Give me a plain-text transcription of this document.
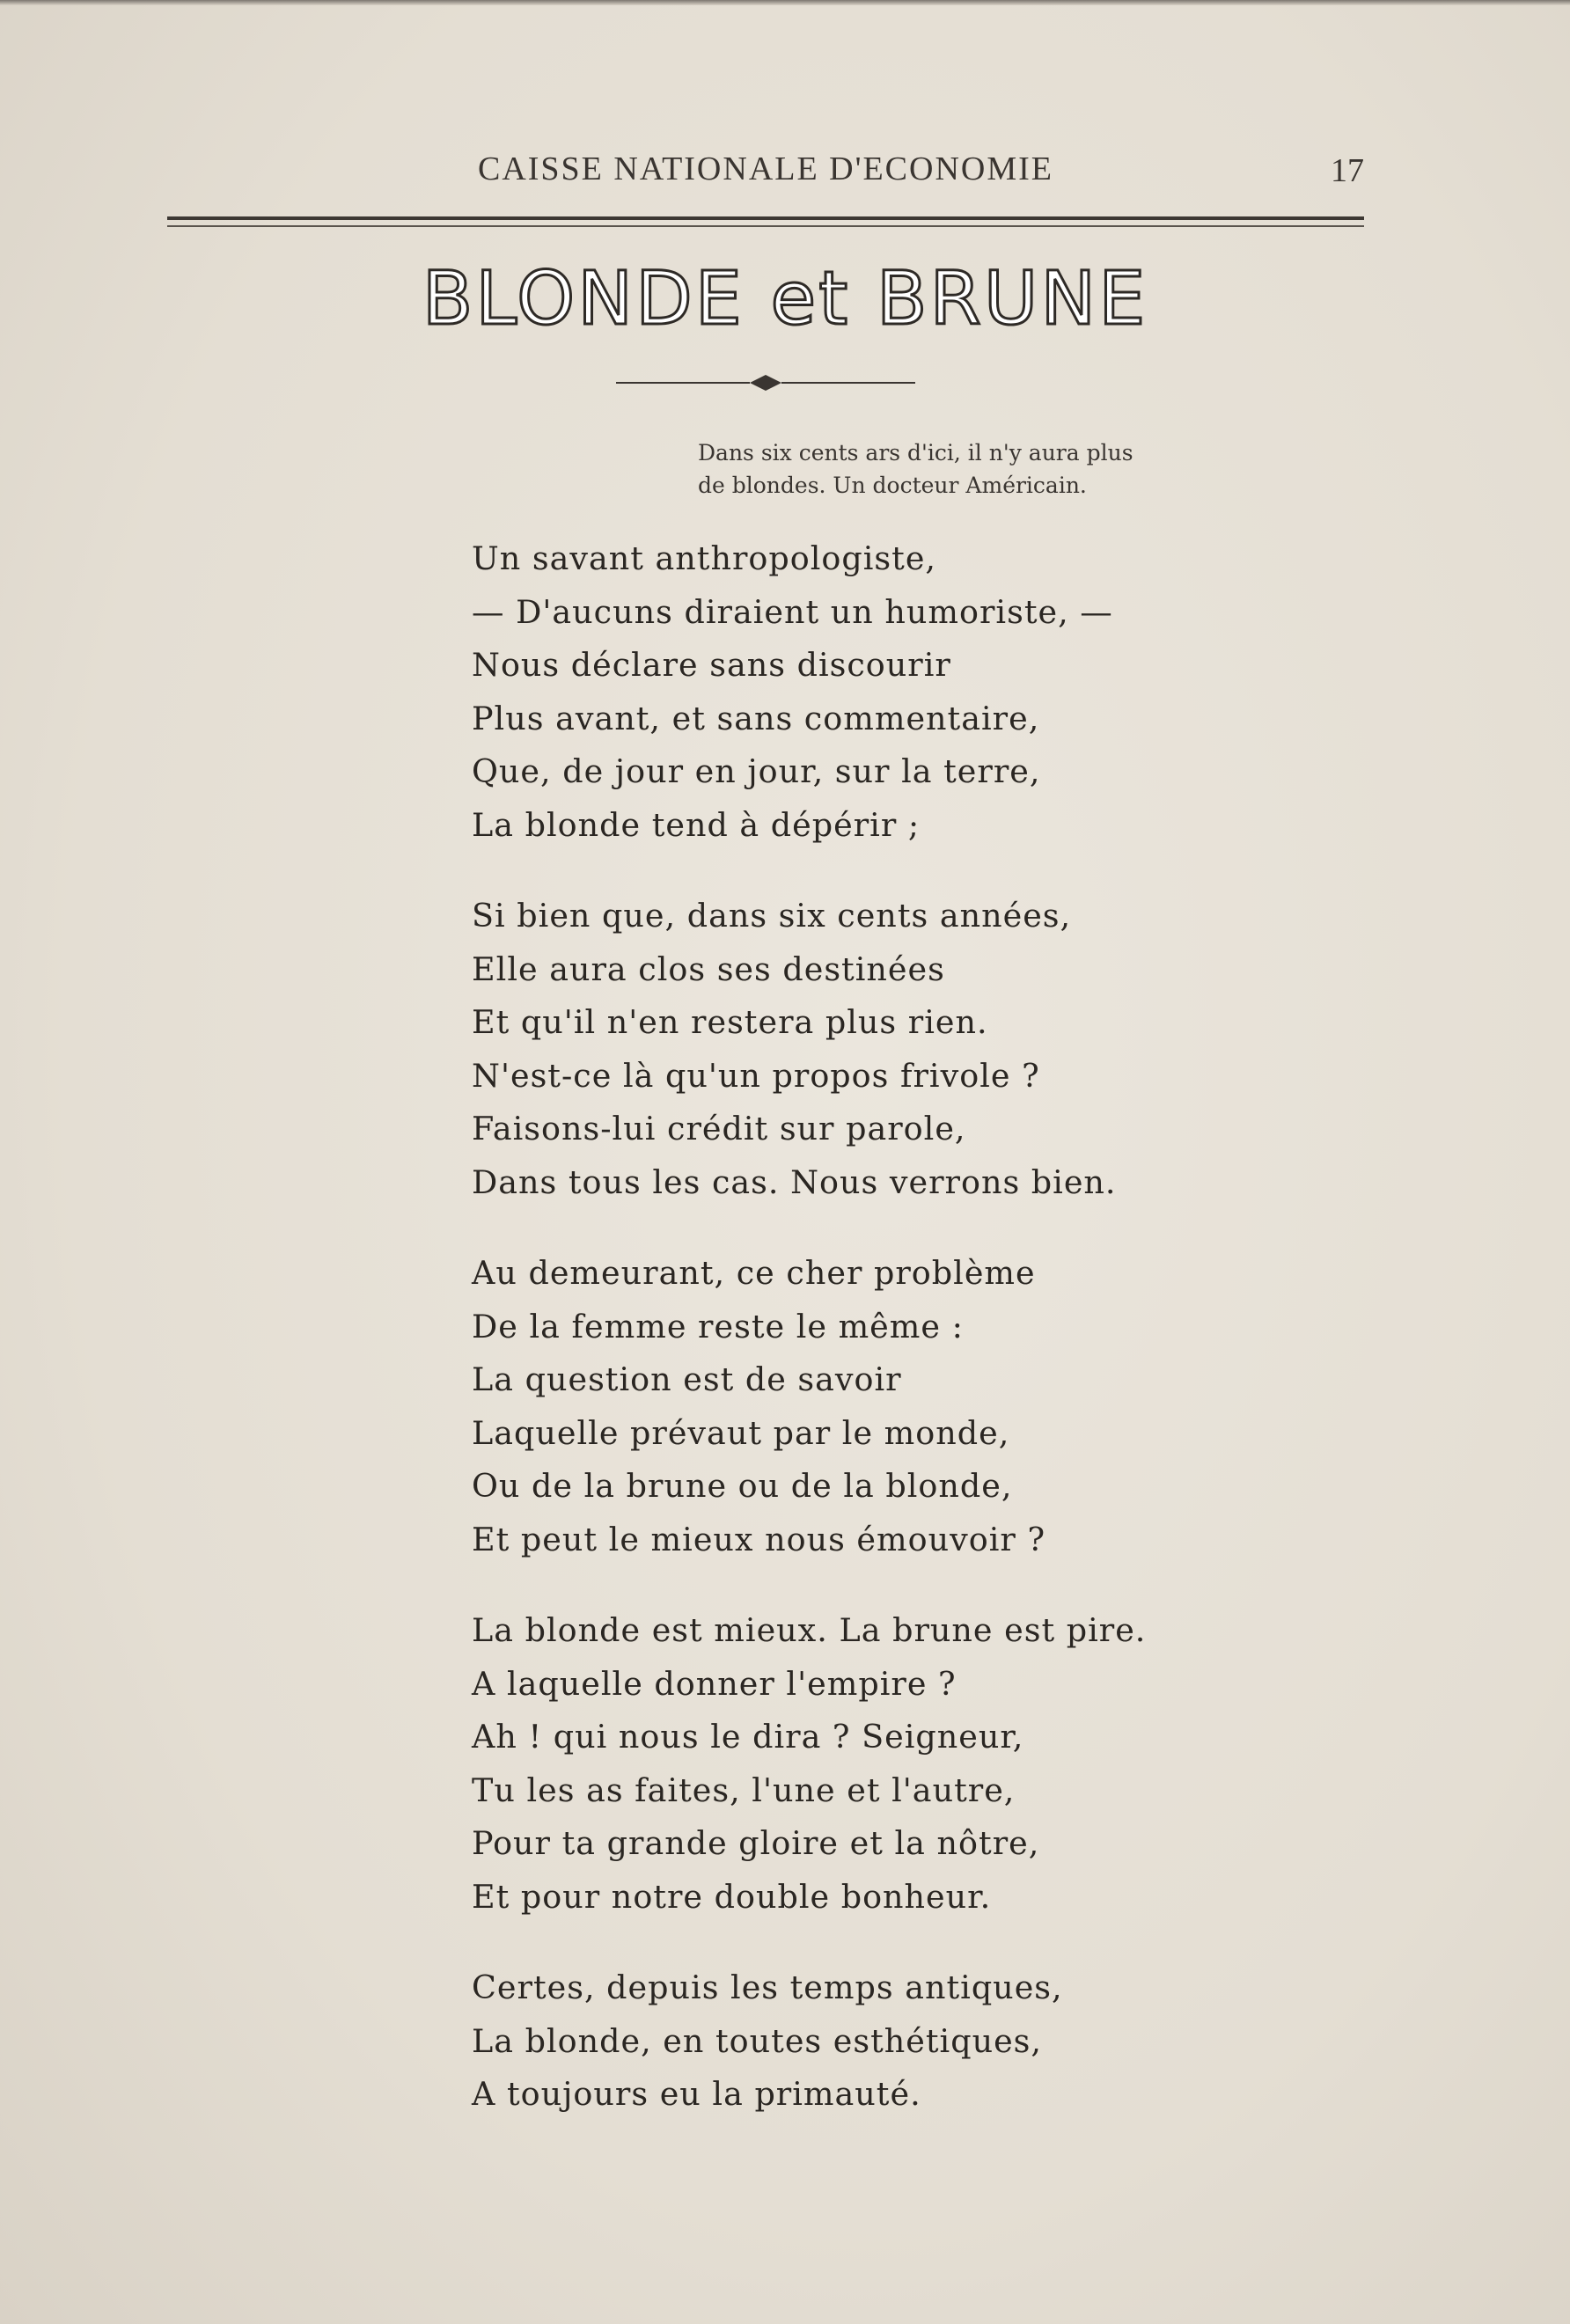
CAISSE NATIONALE D'ECONOMIE	17
BLONDE et BRUNE
Dans six cents ars d'ici, il n'y aura plus
de blondes. Un docteur Américain.
Un savant anthropologiste,
— D'aucuns diraient un humoriste, —
Nous déclare sans discourir
Plus avant, et sans commentaire,
Que, de jour en jour, sur la terre,
La blonde tend à dépérir ;
Si bien que, dans six cents années,
Elle aura clos ses destinées
Et qu'il n'en restera plus rien.
N'est-ce là qu'un propos frivole ?
Faisons-lui crédit sur parole,
Dans tous les cas. Nous verrons bien.
Au demeurant, ce cher problème
De la femme reste le même :
La question est de savoir
Laquelle prévaut par le monde,
Ou de la brune ou de la blonde,
Et peut le mieux nous émouvoir ?
La blonde est mieux. La brune est pire.
A laquelle donner l'empire ?
Ah ! qui nous le dira ? Seigneur,
Tu les as faites, l'une et l'autre,
Pour ta grande gloire et la nôtre,
Et pour notre double bonheur.
Certes, depuis les temps antiques,
La blonde, en toutes esthétiques,
A toujours eu la primauté.
